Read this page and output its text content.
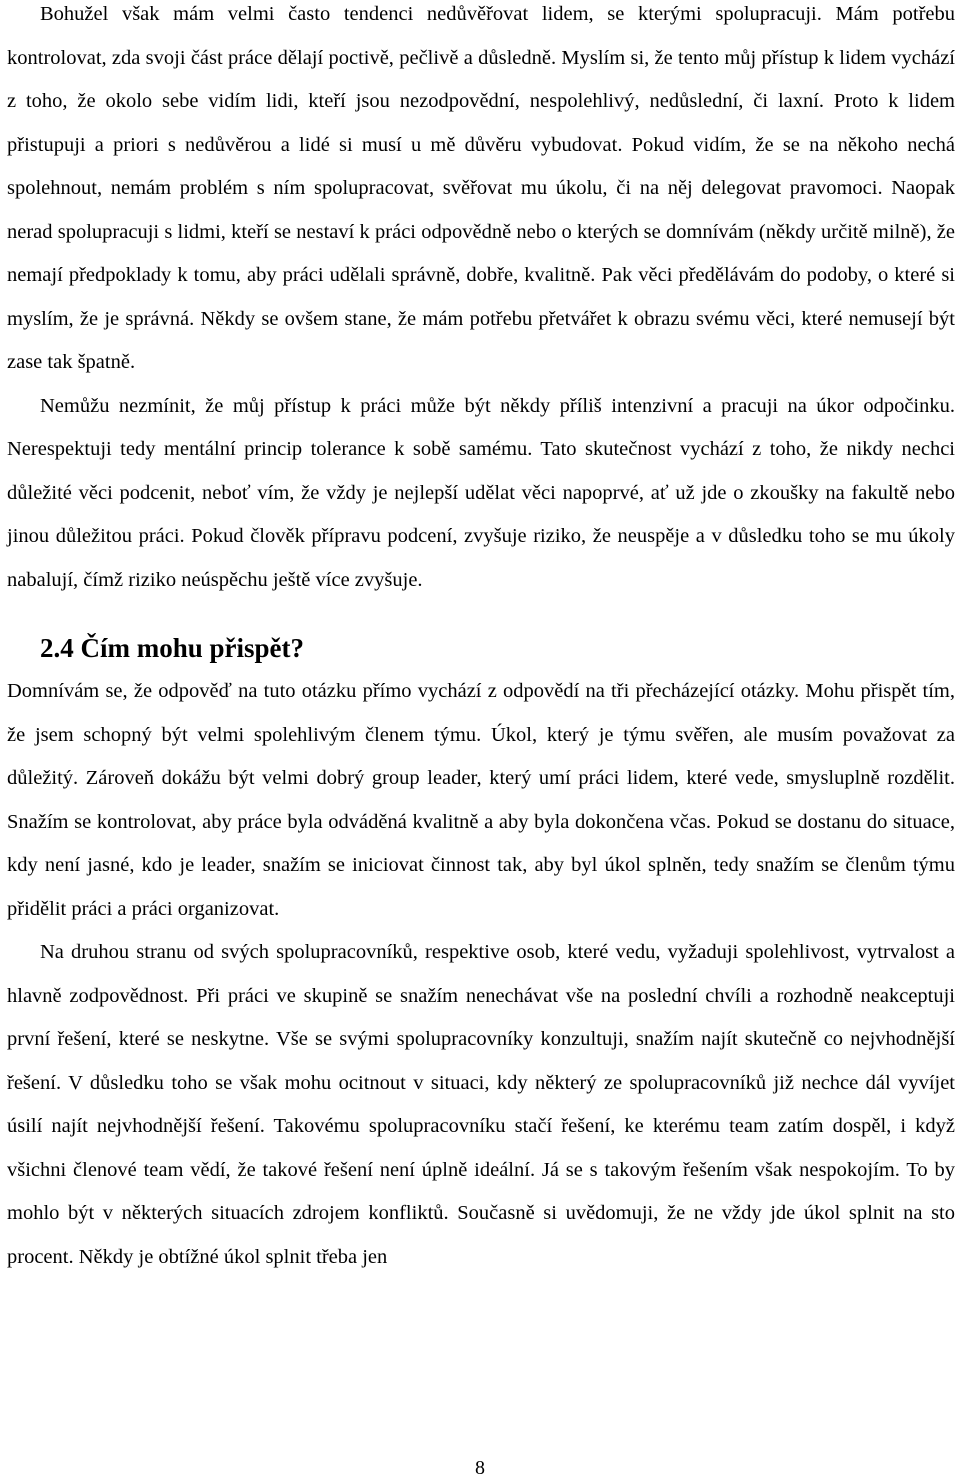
Bohužel však mám velmi často tendenci nedůvěřovat lidem, se kterými spolupracuji. Mám potřebu kontrolovat, zda svoji část práce dělají poctivě, pečlivě a důsledně. Myslím si, že tento můj přístup k lidem vychází z toho, že okolo sebe vidím lidi, kteří jsou nezodpovědní, nespolehlivý, nedůslední, či laxní. Proto k lidem přistupuji a priori s nedůvěrou a lidé si musí u mě důvěru vybudovat. Pokud vidím, že se na někoho nechá spolehnout, nemám problém s ním spolupracovat, svěřovat mu úkolu, či na něj delegovat pravomoci. Naopak nerad spolupracuji s lidmi, kteří se nestaví k práci odpovědně nebo o kterých se domnívám (někdy určitě milně), že nemají předpoklady k tomu, aby práci udělali správně, dobře, kvalitně. Pak věci předělávám do podoby, o které si myslím, že je správná. Někdy se ovšem stane, že mám potřebu přetvářet k obrazu svému věci, které nemusejí být zase tak špatně.

Nemůžu nezmínit, že můj přístup k práci může být někdy příliš intenzivní a pracuji na úkor odpočinku. Nerespektuji tedy mentální princip tolerance k sobě samému. Tato skutečnost vychází z toho, že nikdy nechci důležité věci podcenit, neboť vím, že vždy je nejlepší udělat věci napoprvé, ať už jde o zkoušky na fakultě nebo jinou důležitou práci. Pokud člověk přípravu podcení, zvyšuje riziko, že neuspěje a v důsledku toho se mu úkoly nabalují, čímž riziko neúspěchu ještě více zvyšuje.

2.4 Čím mohu přispět?

Domnívám se, že odpověď na tuto otázku přímo vychází z odpovědí na tři přecházející otázky. Mohu přispět tím, že jsem schopný být velmi spolehlivým členem týmu. Úkol, který je týmu svěřen, ale musím považovat za důležitý. Zároveň dokážu být velmi dobrý group leader, který umí práci lidem, které vede, smysluplně rozdělit. Snažím se kontrolovat, aby práce byla odváděná kvalitně a aby byla dokončena včas. Pokud se dostanu do situace, kdy není jasné, kdo je leader, snažím se iniciovat činnost tak, aby byl úkol splněn, tedy snažím se členům týmu přidělit práci a práci organizovat.

Na druhou stranu od svých spolupracovníků, respektive osob, které vedu, vyžaduji spolehlivost, vytrvalost a hlavně zodpovědnost. Při práci ve skupině se snažím nenechávat vše na poslední chvíli a rozhodně neakceptuji první řešení, které se neskytne. Vše se svými spolupracovníky konzultuji, snažím najít skutečně co nejvhodnější řešení. V důsledku toho se však mohu ocitnout v situaci, kdy některý ze spolupracovníků již nechce dál vyvíjet úsilí najít nejvhodnější řešení. Takovému spolupracovníku stačí řešení, ke kterému team zatím dospěl, i když všichni členové team vědí, že takové řešení není úplně ideální. Já se s takovým řešením však nespokojím. To by mohlo být v některých situacích zdrojem konfliktů. Současně si uvědomuji, že ne vždy jde úkol splnit na sto procent. Někdy je obtížné úkol splnit třeba jen

8
